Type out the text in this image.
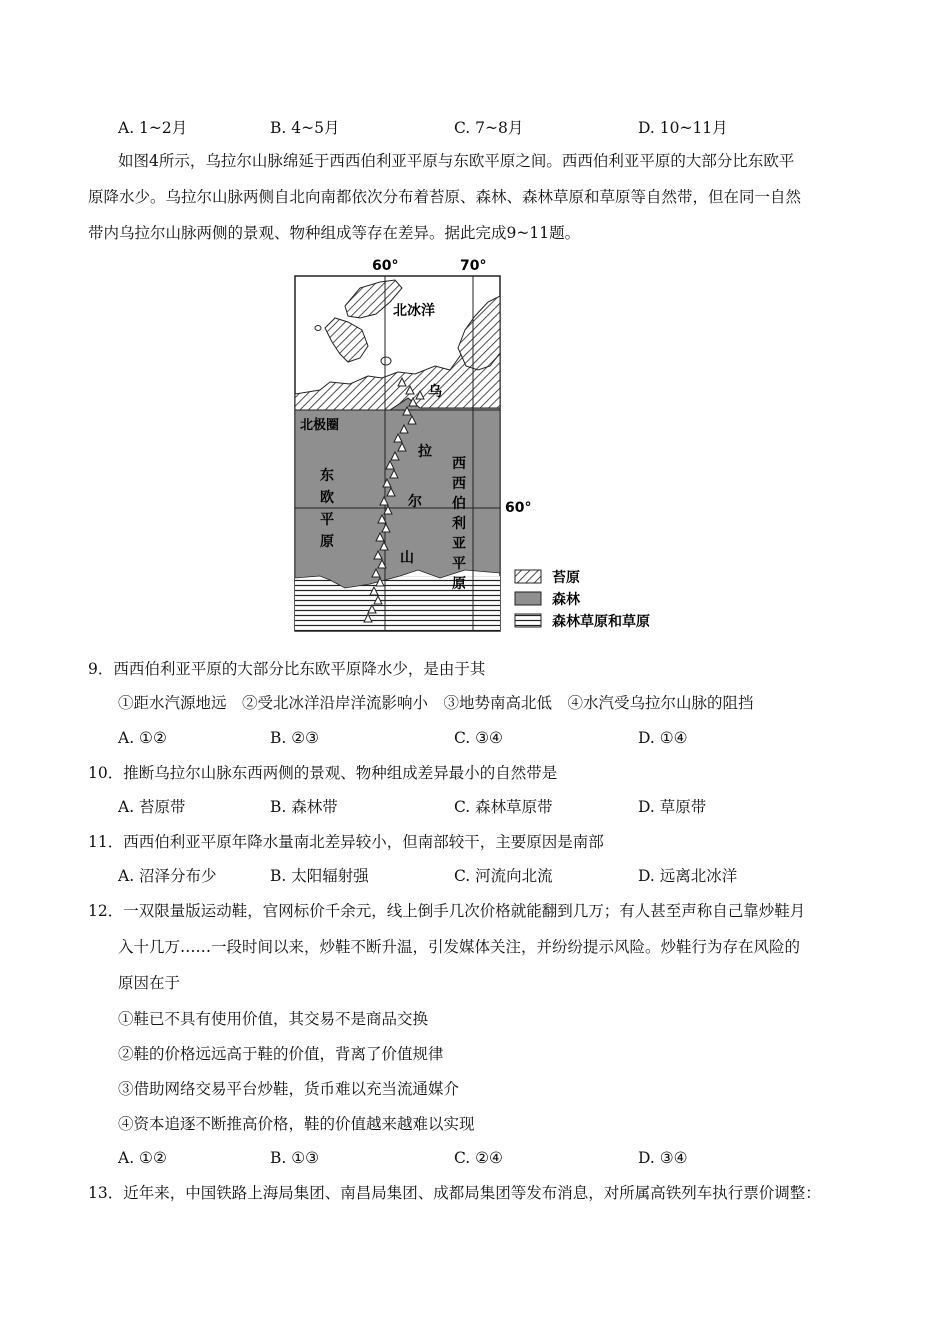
A. 1~2月	B. 4~5月	C. 7~8月	D. 10~11月
如图4所示，乌拉尔山脉绵延于西西伯利亚平原与东欧平原之间。西西伯利亚平原的大部分比东欧平
原降水少。乌拉尔山脉两侧自北向南都依次分布着苔原、森林、森林草原和草原等自然带，但在同一自然
带内乌拉尔山脉两侧的景观、物种组成等存在差异。据此完成9~11题。
60°	70°
60°
北冰洋
北极圈
东
欧
平
原
乌
拉
尔
山
西
西
伯
利
亚
平
原	苔原
森林
森林草原和草原
9．西西伯利亚平原的大部分比东欧平原降水少，是由于其
①距水汽源地远　②受北冰洋沿岸洋流影响小　③地势南高北低　④水汽受乌拉尔山脉的阻挡
A. ①②	B. ②③	C. ③④	D. ①④
10．推断乌拉尔山脉东西两侧的景观、物种组成差异最小的自然带是
A. 苔原带	B. 森林带	C. 森林草原带	D. 草原带
11．西西伯利亚平原年降水量南北差异较小，但南部较干，主要原因是南部
A. 沼泽分布少	B. 太阳辐射强	C. 河流向北流	D. 远离北冰洋
12．一双限量版运动鞋，官网标价千余元，线上倒手几次价格就能翻到几万；有人甚至声称自己靠炒鞋月
入十几万……一段时间以来，炒鞋不断升温，引发媒体关注，并纷纷提示风险。炒鞋行为存在风险的
原因在于
①鞋已不具有使用价值，其交易不是商品交换
②鞋的价格远远高于鞋的价值，背离了价值规律
③借助网络交易平台炒鞋，货币难以充当流通媒介
④资本追逐不断推高价格，鞋的价值越来越难以实现
A. ①②	B. ①③	C. ②④	D. ③④
13．近年来，中国铁路上海局集团、南昌局集团、成都局集团等发布消息，对所属高铁列车执行票价调整：
